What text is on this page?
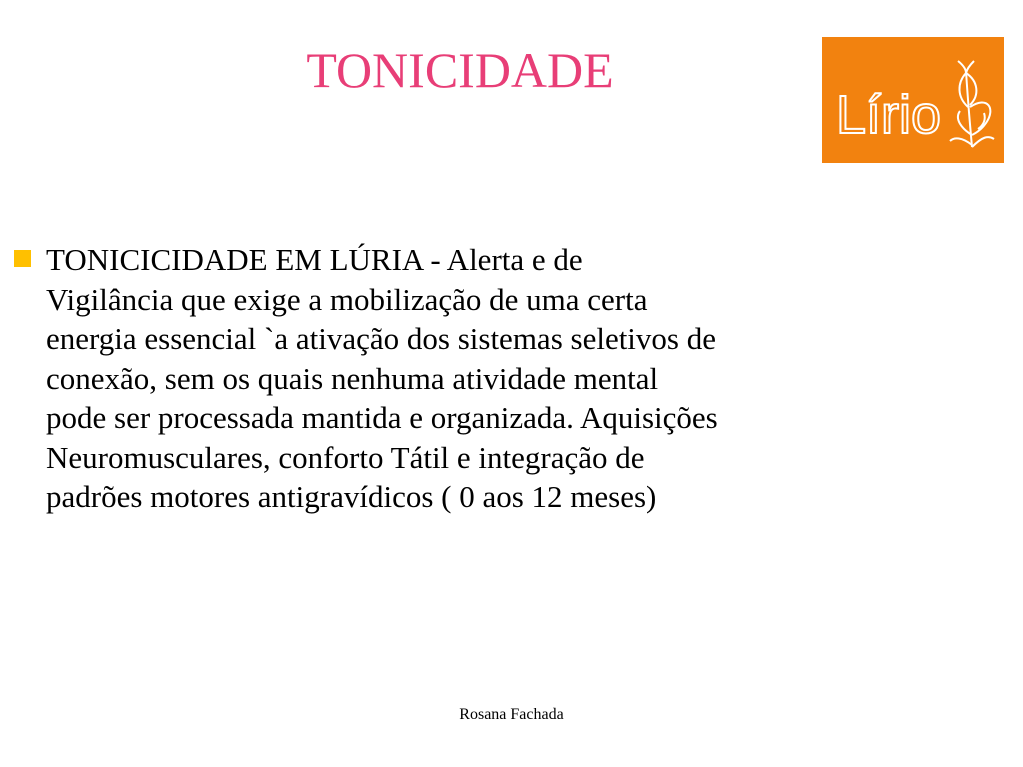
TONICIDADE
Lírio

TONICICIDADE EM LÚRIA - Alerta e de
Vigilância que exige a mobilização de uma certa
energia essencial `a ativação dos sistemas seletivos de
conexão, sem os quais nenhuma atividade mental
pode ser processada mantida e organizada. Aquisições
Neuromusculares, conforto Tátil e integração de
padrões motores antigravídicos ( 0 aos 12 meses)

Rosana Fachada
